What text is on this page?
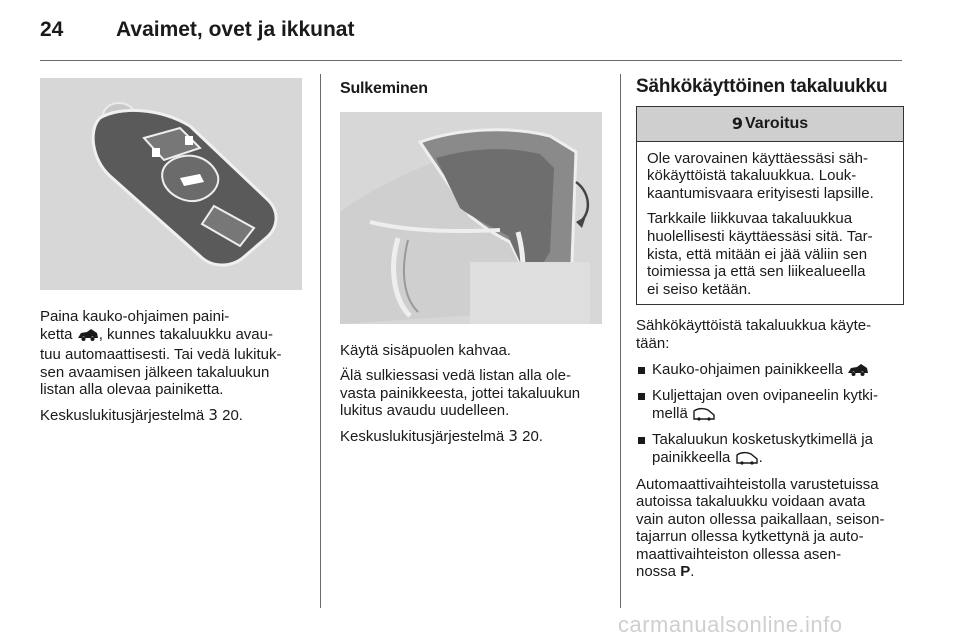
24	Avaimet, ovet ja ikkunat

Paina kauko-ohjaimen paini-
ketta , kunnes takaluukku avau-
tuu automaattisesti. Tai vedä lukituk-
sen avaamisen jälkeen takaluukun
listan alla olevaa painiketta.

Keskuslukitusjärjestelmä 3 20.

Sulkeminen

Käytä sisäpuolen kahvaa.

Älä sulkiessasi vedä listan alla ole-
vasta painikkeesta, jottei takaluukun
lukitus avaudu uudelleen.

Keskuslukitusjärjestelmä 3 20.

Sähkökäyttöinen takaluukku
9 Varoitus

Ole varovainen käyttäessäsi säh-
kökäyttöistä takaluukkua. Louk-
kaantumisvaara erityisesti lapsille.

Tarkkaile liikkuvaa takaluukkua
huolellisesti käyttäessäsi sitä. Tar-
kista, että mitään ei jää väliin sen
toimiessa ja että sen liikealueella
ei seiso ketään.

Sähkökäyttöistä takaluukkua käyte-
tään:

Kauko-ohjaimen painikkeella
Kuljettajan oven ovipaneelin kytki-
mellä
Takaluukun kosketuskytkimellä ja
painikkeella .

Automaattivaihteistolla varustetuissa
autoissa takaluukku voidaan avata
vain auton ollessa paikallaan, seison-
tajarrun ollessa kytkettynä ja auto-
maattivaihteiston ollessa asen-
nossa P.

carmanualsonline.info
